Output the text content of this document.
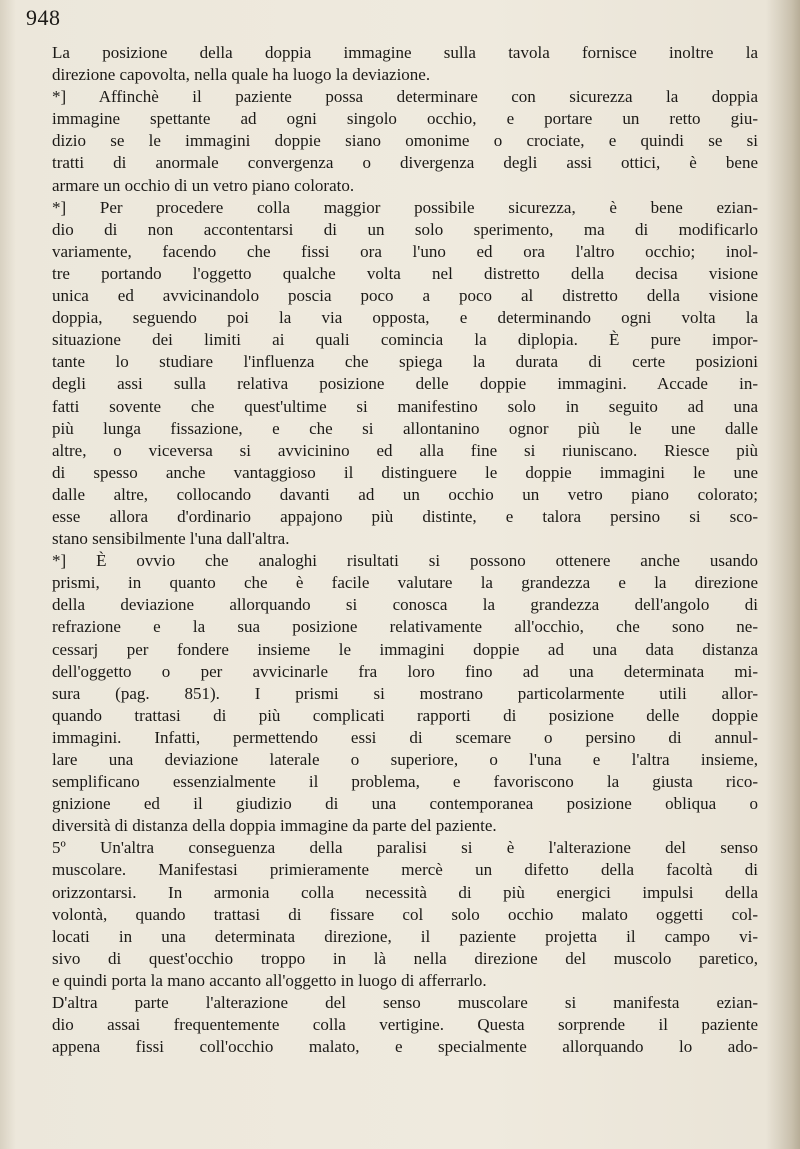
948
La posizione della doppia immagine sulla tavola fornisce inoltre la
direzione capovolta, nella quale ha luogo la deviazione.
*] Affinchè il paziente possa determinare con sicurezza la doppia
immagine spettante ad ogni singolo occhio, e portare un retto giu-
dizio se le immagini doppie siano omonime o crociate, e quindi se si
tratti di anormale convergenza o divergenza degli assi ottici, è bene
armare un occhio di un vetro piano colorato.
*] Per procedere colla maggior possibile sicurezza, è bene ezian-
dio di non accontentarsi di un solo sperimento, ma di modificarlo
variamente, facendo che fissi ora l'uno ed ora l'altro occhio; inol-
tre portando l'oggetto qualche volta nel distretto della decisa visione
unica ed avvicinandolo poscia poco a poco al distretto della visione
doppia, seguendo poi la via opposta, e determinando ogni volta la
situazione dei limiti ai quali comincia la diplopia. È pure impor-
tante lo studiare l'influenza che spiega la durata di certe posizioni
degli assi sulla relativa posizione delle doppie immagini. Accade in-
fatti sovente che quest'ultime si manifestino solo in seguito ad una
più lunga fissazione, e che si allontanino ognor più le une dalle
altre, o viceversa si avvicinino ed alla fine si riuniscano. Riesce più
di spesso anche vantaggioso il distinguere le doppie immagini le une
dalle altre, collocando davanti ad un occhio un vetro piano colorato;
esse allora d'ordinario appajono più distinte, e talora persino si sco-
stano sensibilmente l'una dall'altra.
*] È ovvio che analoghi risultati si possono ottenere anche usando
prismi, in quanto che è facile valutare la grandezza e la direzione
della deviazione allorquando si conosca la grandezza dell'angolo di
refrazione e la sua posizione relativamente all'occhio, che sono ne-
cessarj per fondere insieme le immagini doppie ad una data distanza
dell'oggetto o per avvicinarle fra loro fino ad una determinata mi-
sura (pag. 851). I prismi si mostrano particolarmente utili allor-
quando trattasi di più complicati rapporti di posizione delle doppie
immagini. Infatti, permettendo essi di scemare o persino di annul-
lare una deviazione laterale o superiore, o l'una e l'altra insieme,
semplificano essenzialmente il problema, e favoriscono la giusta rico-
gnizione ed il giudizio di una contemporanea posizione obliqua o
diversità di distanza della doppia immagine da parte del paziente.
5º Un'altra conseguenza della paralisi si è l'alterazione del senso
muscolare. Manifestasi primieramente mercè un difetto della facoltà di
orizzontarsi. In armonia colla necessità di più energici impulsi della
volontà, quando trattasi di fissare col solo occhio malato oggetti col-
locati in una determinata direzione, il paziente projetta il campo vi-
sivo di quest'occhio troppo in là nella direzione del muscolo paretico,
e quindi porta la mano accanto all'oggetto in luogo di afferrarlo.
D'altra parte l'alterazione del senso muscolare si manifesta ezian-
dio assai frequentemente colla vertigine. Questa sorprende il paziente
appena fissi coll'occhio malato, e specialmente allorquando lo ado-
